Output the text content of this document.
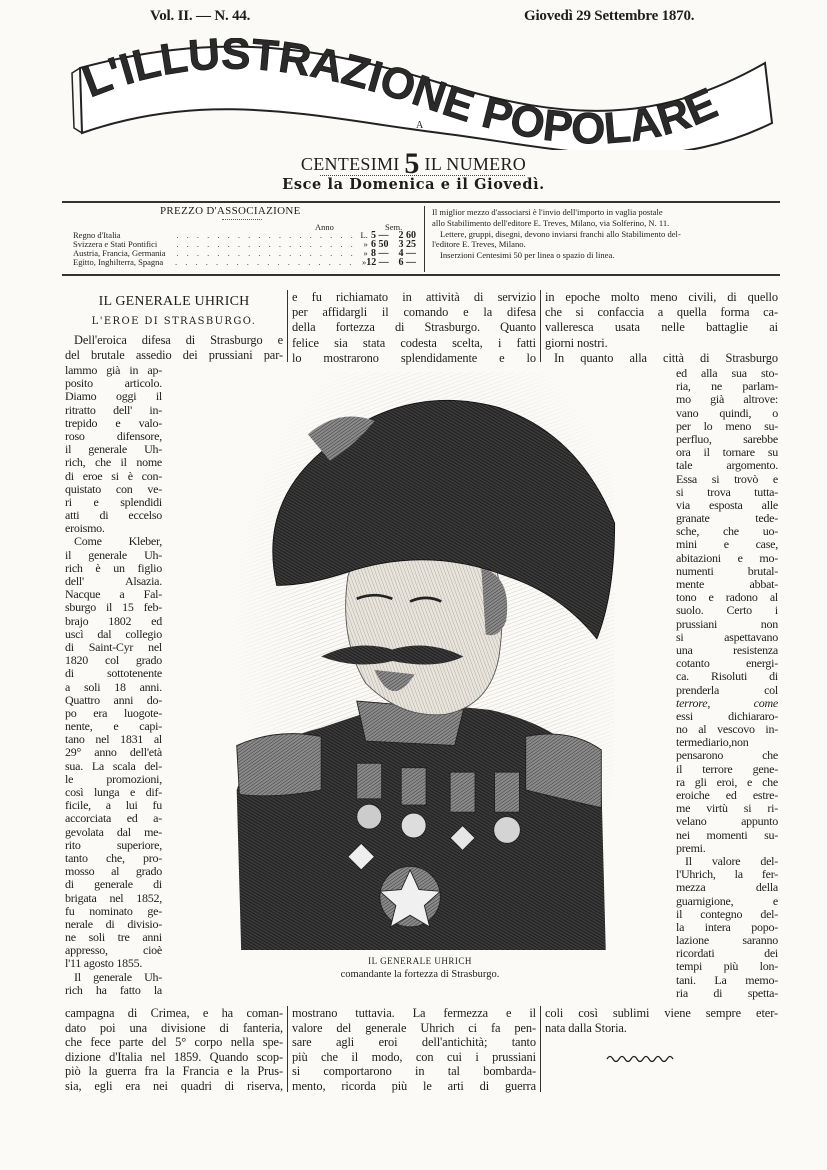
Vol. II. — N. 44.	Giovedì 29 Settembre 1870.
L'ILLUSTRAZIONE POPOLARE
A
CENTESIMI 5 IL NUMERO
Esce la Domenica e il Giovedì.
PREZZO D'ASSOCIAZIONE
Anno	Sem.
Regno d'Italia	. . . . . . . . . . . . . . . . . . L. 5 —	2 60
Svizzera e Stati Pontifici	. . . . . . . . . . . . . . . . . . » 6 50	3 25
Austria, Francia, Germania	. . . . . . . . . . . . . . . . . . » 8 —	4 —
Egitto, Inghilterra, Spagna	. . . . . . . . . . . . . . . . . . » 12 — 6 —
Il miglior mezzo d'associarsi è l'invio dell'importo in vaglia postale
allo Stabilimento dell'editore E. Treves, Milano, via Solferino, N. 11.
Lettere, gruppi, disegni, devono inviarsi franchi allo Stabilimento del-
l'editore E. Treves, Milano.
Inserzioni Centesimi 50 per linea o spazio di linea.
IL GENERALE UHRICH
L'EROE DI STRASBURGO.
Dell'eroica difesa di Strasburgo e
del brutale assedio dei prussiani par-
lammo già in ap-
posito articolo.
Diamo oggi il
ritratto dell' in-
trepido e valo-
roso difensore,
il generale Uh-
rich, che il nome
di eroe si è con-
quistato con ve-
ri e splendidi
atti di eccelso
eroismo.
Come Kleber,
il generale Uh-
rich è un figlio
dell' Alsazia.
Nacque a Fal-
sburgo il 15 feb-
brajo 1802 ed
uscì dal collegio
di Saint-Cyr nel
1820 col grado
di sottotenente
a soli 18 anni.
Quattro anni do-
po era luogote-
nente, e capi-
tano nel 1831 al
29° anno dell'età
sua. La scala del-
le promozioni,
così lunga e dif-
ficile, a lui fu
accorciata ed a-
gevolata dal me-
rito superiore,
tanto che, pro-
mosso al grado
di generale di
brigata nel 1852,
fu nominato ge-
nerale di divisio-
ne soli tre anni
appresso, cioè
l'11 agosto 1855.
Il generale Uh-
rich ha fatto la
campagna di Crimea, e ha coman-
dato poi una divisione di fanteria,
che fece parte del 5° corpo nella spe-
dizione d'Italia nel 1859. Quando scop-
piò la guerra fra la Francia e la Prus-
sia, egli era nei quadri di riserva,
e fu richiamato in attività di servizio
per affidargli il comando e la difesa
della fortezza di Strasburgo. Quanto
felice sia stata codesta scelta, i fatti
lo mostrarono splendidamente e lo
mostrano tuttavia. La fermezza e il
valore del generale Uhrich ci fa pen-
sare agli eroi dell'antichità; tanto
più che il modo, con cui i prussiani
si comportarono in tal bombarda-
mento, ricorda più le arti di guerra
in epoche molto meno civili, di quello
che si confaccia a quella forma ca-
valleresca usata nelle battaglie ai
giorni nostri.
In quanto alla città di Strasburgo
ed alla sua sto-
ria, ne parlam-
mo già altrove:
vano quindi, o
per lo meno su-
perfluo, sarebbe
ora il tornare su
tale argomento.
Essa si trovò e
si trova tutta-
via esposta alle
granate tede-
sche, che uo-
mini e case,
abitazioni e mo-
numenti brutal-
mente abbat-
tono e radono al
suolo. Certo i
prussiani non
si aspettavano
una resistenza
cotanto energi-
ca. Risoluti di
prenderla col
terrore, come
essi dichiararo-
no al vescovo in-
termediario,non
pensarono che
il terrore gene-
ra gli eroi, e che
eroiche ed estre-
me virtù si ri-
velano appunto
nei momenti su-
premi.
Il valore del-
l'Uhrich, la fer-
mezza della
guarnigione, e
il contegno del-
la intera popo-
lazione saranno
ricordati dei
tempi più lon-
tani. La memo-
ria di spetta-
coli così sublimi viene sempre eter-
nata dalla Storia.
IL GENERALE UHRICH
comandante la fortezza di Strasburgo.
